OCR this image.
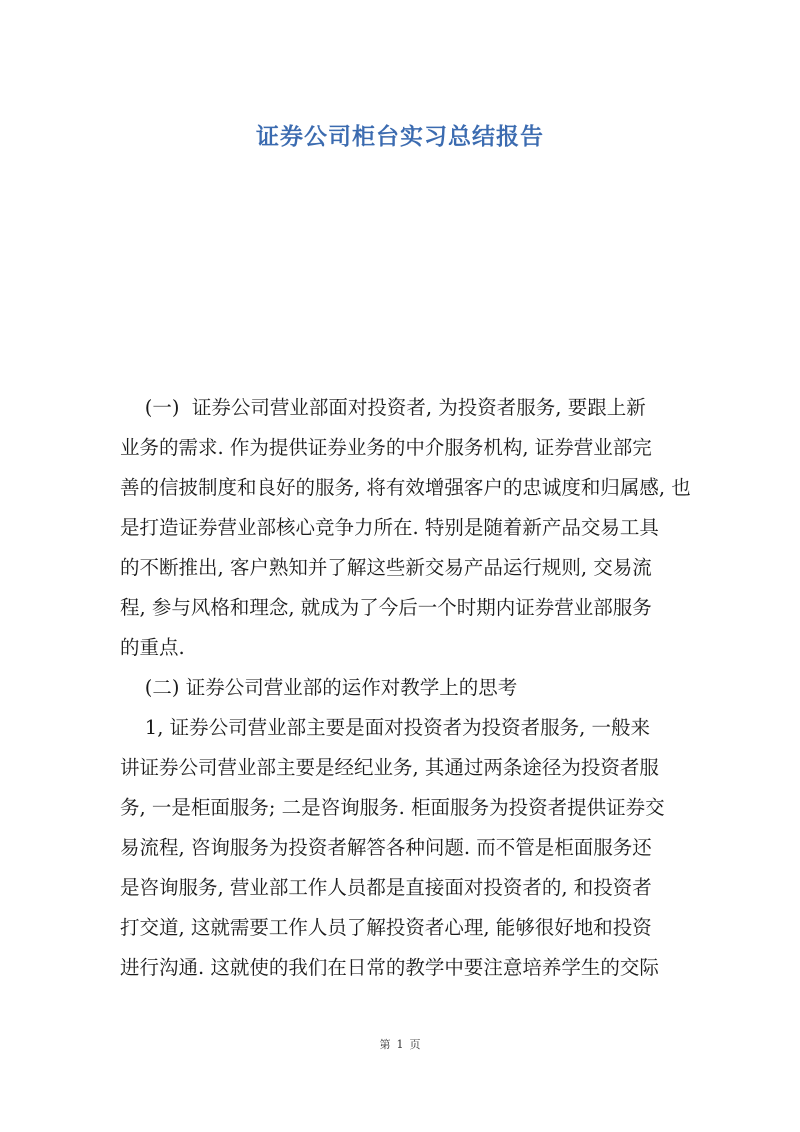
证券公司柜台实习总结报告
(一)  证券公司营业部面对投资者, 为投资者服务, 要跟上新
业务的需求. 作为提供证券业务的中介服务机构, 证券营业部完
善的信披制度和良好的服务, 将有效增强客户的忠诚度和归属感, 也
是打造证券营业部核心竞争力所在. 特别是随着新产品交易工具
的不断推出, 客户熟知并了解这些新交易产品运行规则, 交易流
程, 参与风格和理念, 就成为了今后一个时期内证券营业部服务
的重点.
(二) 证券公司营业部的运作对教学上的思考
1, 证券公司营业部主要是面对投资者为投资者服务, 一般来
讲证券公司营业部主要是经纪业务, 其通过两条途径为投资者服
务, 一是柜面服务; 二是咨询服务. 柜面服务为投资者提供证券交
易流程, 咨询服务为投资者解答各种问题. 而不管是柜面服务还
是咨询服务, 营业部工作人员都是直接面对投资者的, 和投资者
打交道, 这就需要工作人员了解投资者心理, 能够很好地和投资
进行沟通. 这就使的我们在日常的教学中要注意培养学生的交际
第 1 页
